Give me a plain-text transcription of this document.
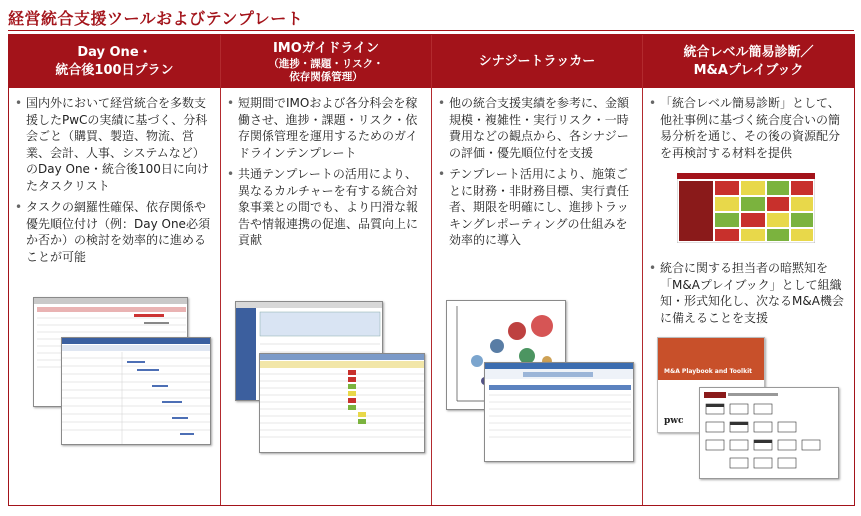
経営統合支援ツールおよびテンプレート
Day One・
統合後100日プラン
• 国内外において経営統合を多数支援したPwCの実績に基づく、分科会ごと（購買、製造、物流、営業、会計、人事、システムなど）のDay One・統合後100日に向けたタスクリスト
• タスクの網羅性確保、依存関係や優先順位付け（例：Day One必須か否か）の検討を効率的に進めることが可能
IMOガイドライン
（進捗・課題・リスク・
依存関係管理）
• 短期間でIMOおよび各分科会を稼働させ、進捗・課題・リスク・依存関係管理を運用するためのガイドラインテンプレート
• 共通テンプレートの活用により、異なるカルチャーを有する統合対象事業との間でも、より円滑な報告や情報連携の促進、品質向上に貢献
シナジートラッカー
• 他の統合支援実績を参考に、金額規模・複雑性・実行リスク・一時費用などの観点から、各シナジーの評価・優先順位付を支援
• テンプレート活用により、施策ごとに財務・非財務目標、実行責任者、期限を明確にし、進捗トラッキングレポーティングの仕組みを効率的に導入
統合レベル簡易診断／
M&Aプレイブック
• 「統合レベル簡易診断」として、他社事例に基づく統合度合いの簡易分析を通じ、その後の資源配分を再検討する材料を提供
• 統合に関する担当者の暗黙知を「M&Aプレイブック」として組織知・形式知化し、次なるM&A機会に備えることを支援
M&A Playbook and Toolkit
pwc
